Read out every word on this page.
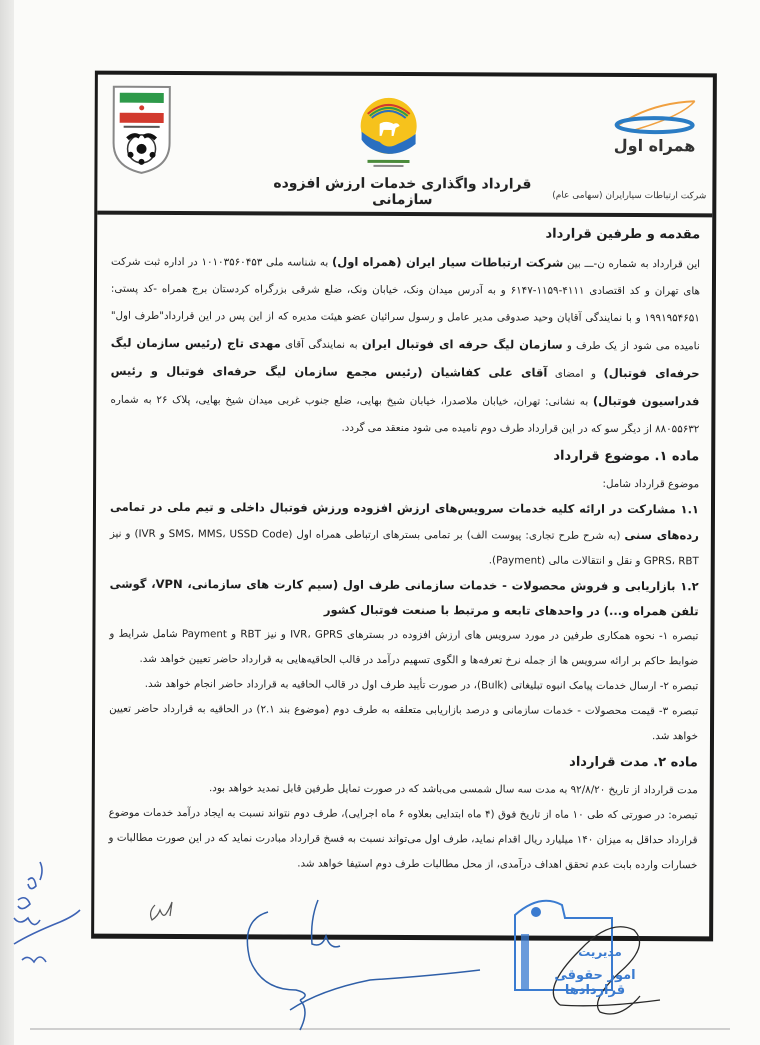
همراه اول
قرارداد واگذاری خدمات ارزش افزوده سازمانی	شرکت ارتباطات سیارایران (سهامی عام)
مقدمه و طرفین قرارداد

این قرارداد به شماره ن-ـــ بین شرکت ارتباطات سیار ایران (همراه اول) به شناسه ملی ۱۰۱۰۳۵۶۰۴۵۳ در اداره ثبت شرکت های تهران و کد اقتصادی ۴۱۱۱-۱۱۵۹-۶۱۴۷ و به آدرس میدان ونک، خیابان ونک، ضلع شرقی بزرگراه کردستان برج همراه -کد پستی: ۱۹۹۱۹۵۴۶۵۱ و با نمایندگی آقایان وحید صدوقی مدیر عامل و رسول سرائیان عضو هیئت مدیره که از این پس در این قرارداد"طرف اول" نامیده می شود از یک طرف و سازمان لیگ حرفه ای فوتبال ایران به نمایندگی آقای مهدی تاج (رئیس سازمان لیگ حرفه‌ای فوتبال) و امضای آقای علی کفاشیان (رئیس مجمع سازمان لیگ حرفه‌ای فوتبال و رئیس فدراسیون فوتبال) به نشانی: تهران، خیابان ملاصدرا، خیابان شیخ بهایی، ضلع جنوب غربی میدان شیخ بهایی، پلاک ۲۶ به شماره ۸۸۰۵۵۶۳۲ از دیگر سو که در این قرارداد طرف دوم نامیده می شود منعقد می گردد.

ماده ۱. موضوع قرارداد

موضوع قرارداد شامل:

۱.۱ مشارکت در ارائه کلیه خدمات سرویس‌های ارزش افزوده ورزش فوتبال داخلی و تیم ملی در تمامی رده‌های سنی (به شرح طرح تجاری: پیوست الف) بر تمامی بسترهای ارتباطی همراه اول (SMS، MMS، USSD Code و IVR) و نیز GPRS، RBT و نقل و انتقالات مالی (Payment).

۱.۲ بازاریابی و فروش محصولات - خدمات سازمانی طرف اول (سیم کارت های سازمانی، VPN، گوشی تلفن همراه و...) در واحدهای تابعه و مرتبط با صنعت فوتبال کشور

تبصره ۱- نحوه همکاری طرفین در مورد سرویس های ارزش افزوده در بسترهای IVR، GPRS و نیز RBT و Payment شامل شرایط و ضوابط حاکم بر ارائه سرویس ها از جمله نرخ تعرفه‌ها و الگوی تسهیم درآمد در قالب الحاقیه‌هایی به قرارداد حاضر تعیین خواهد شد.

تبصره ۲- ارسال خدمات پیامک انبوه تبلیغاتی (Bulk)، در صورت تأیید طرف اول در قالب الحاقیه به قرارداد حاضر انجام خواهد شد.

تبصره ۳- قیمت محصولات - خدمات سازمانی و درصد بازاریابی متعلقه به طرف دوم (موضوع بند ۲.۱) در الحاقیه به قرارداد حاضر تعیین خواهد شد.

ماده ۲. مدت قرارداد

مدت قرارداد از تاریخ ۹۲/۸/۲۰ به مدت سه سال شمسی می‌باشد که در صورت تمایل طرفین قابل تمدید خواهد بود.

تبصره: در صورتی که طی ۱۰ ماه از تاریخ فوق (۴ ماه ابتدایی بعلاوه ۶ ماه اجرایی)، طرف دوم نتواند نسبت به ایجاد درآمد خدمات موضوع قرارداد حداقل به میزان ۱۴۰ میلیارد ریال اقدام نماید، طرف اول می‌تواند نسبت به فسخ قرارداد مبادرت نماید که در این صورت مطالبات و خسارات وارده بابت عدم تحقق اهداف درآمدی، از محل مطالبات طرف دوم استیفا خواهد شد.

مدیریت
امور حقوقی قراردادها
